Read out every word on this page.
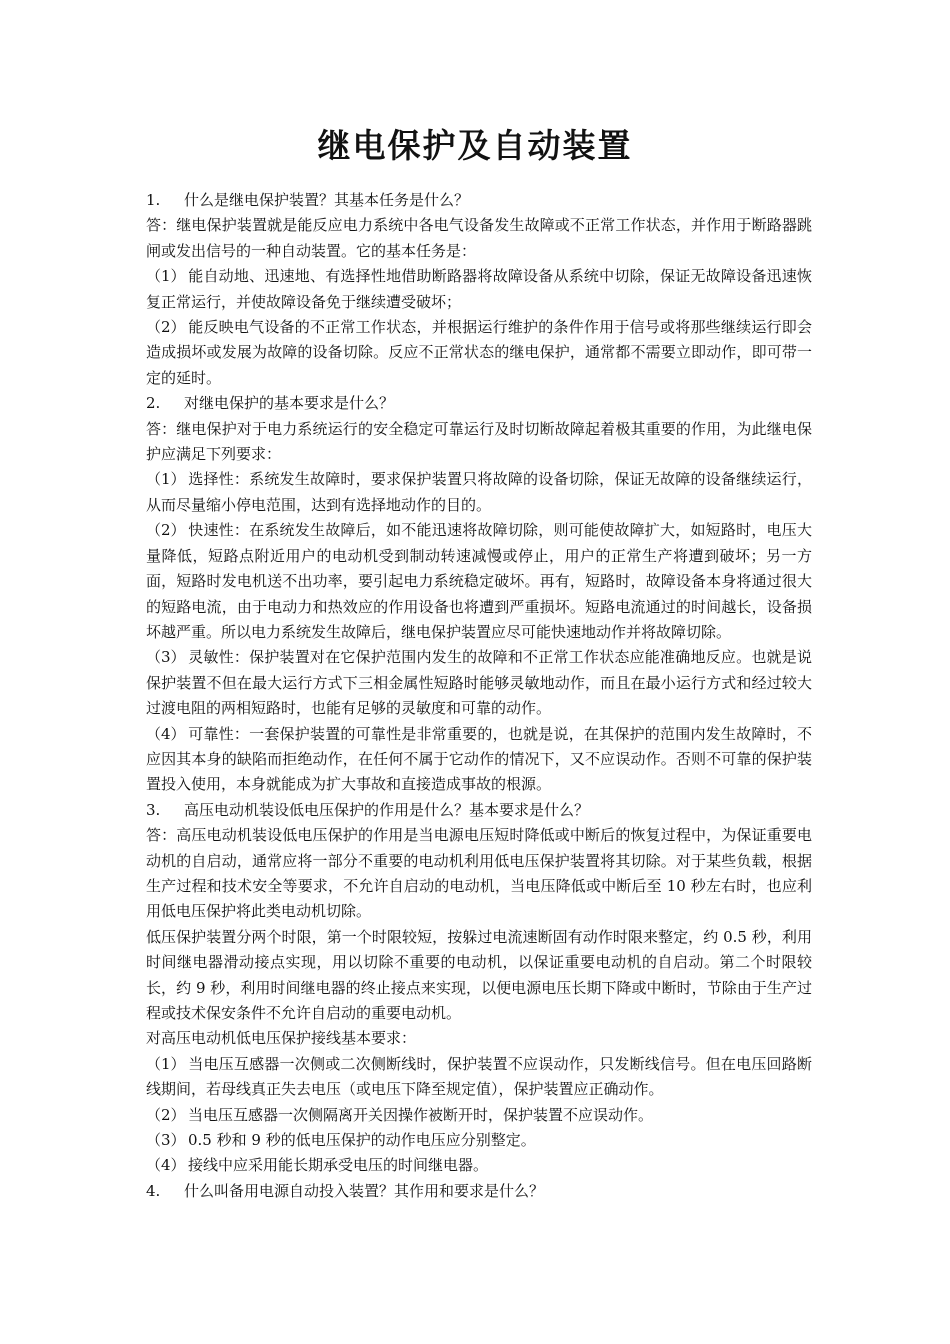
继电保护及自动装置

1. 什么是继电保护装置？其基本任务是什么？

答：继电保护装置就是能反应电力系统中各电气设备发生故障或不正常工作状态，并作用于断路器跳闸或发出信号的一种自动装置。它的基本任务是：

（1） 能自动地、迅速地、有选择性地借助断路器将故障设备从系统中切除，保证无故障设备迅速恢复正常运行，并使故障设备免于继续遭受破坏；

（2） 能反映电气设备的不正常工作状态，并根据运行维护的条件作用于信号或将那些继续运行即会造成损坏或发展为故障的设备切除。反应不正常状态的继电保护，通常都不需要立即动作，即可带一定的延时。

2. 对继电保护的基本要求是什么？

答：继电保护对于电力系统运行的安全稳定可靠运行及时切断故障起着极其重要的作用，为此继电保护应满足下列要求：

（1） 选择性：系统发生故障时，要求保护装置只将故障的设备切除，保证无故障的设备继续运行，从而尽量缩小停电范围，达到有选择地动作的目的。

（2） 快速性：在系统发生故障后，如不能迅速将故障切除，则可能使故障扩大，如短路时，电压大量降低，短路点附近用户的电动机受到制动转速减慢或停止，用户的正常生产将遭到破坏；另一方面，短路时发电机送不出功率，要引起电力系统稳定破坏。再有，短路时，故障设备本身将通过很大的短路电流，由于电动力和热效应的作用设备也将遭到严重损坏。短路电流通过的时间越长，设备损坏越严重。所以电力系统发生故障后，继电保护装置应尽可能快速地动作并将故障切除。

（3） 灵敏性：保护装置对在它保护范围内发生的故障和不正常工作状态应能准确地反应。也就是说保护装置不但在最大运行方式下三相金属性短路时能够灵敏地动作，而且在最小运行方式和经过较大过渡电阻的两相短路时，也能有足够的灵敏度和可靠的动作。

（4） 可靠性：一套保护装置的可靠性是非常重要的，也就是说，在其保护的范围内发生故障时，不应因其本身的缺陷而拒绝动作，在任何不属于它动作的情况下，又不应误动作。否则不可靠的保护装置投入使用，本身就能成为扩大事故和直接造成事故的根源。

3. 高压电动机装设低电压保护的作用是什么？基本要求是什么？

答：高压电动机装设低电压保护的作用是当电源电压短时降低或中断后的恢复过程中，为保证重要电动机的自启动，通常应将一部分不重要的电动机利用低电压保护装置将其切除。对于某些负载，根据生产过程和技术安全等要求，不允许自启动的电动机，当电压降低或中断后至 10 秒左右时，也应利用低电压保护将此类电动机切除。

低压保护装置分两个时限，第一个时限较短，按躲过电流速断固有动作时限来整定，约 0.5 秒，利用时间继电器滑动接点实现，用以切除不重要的电动机，以保证重要电动机的自启动。第二个时限较长，约 9 秒，利用时间继电器的终止接点来实现，以便电源电压长期下降或中断时，节除由于生产过程或技术保安条件不允许自启动的重要电动机。

对高压电动机低电压保护接线基本要求：

（1） 当电压互感器一次侧或二次侧断线时，保护装置不应误动作，只发断线信号。但在电压回路断线期间，若母线真正失去电压（或电压下降至规定值），保护装置应正确动作。

（2） 当电压互感器一次侧隔离开关因操作被断开时，保护装置不应误动作。

（3） 0.5 秒和 9 秒的低电压保护的动作电压应分别整定。

（4） 接线中应采用能长期承受电压的时间继电器。

4. 什么叫备用电源自动投入装置？其作用和要求是什么？
